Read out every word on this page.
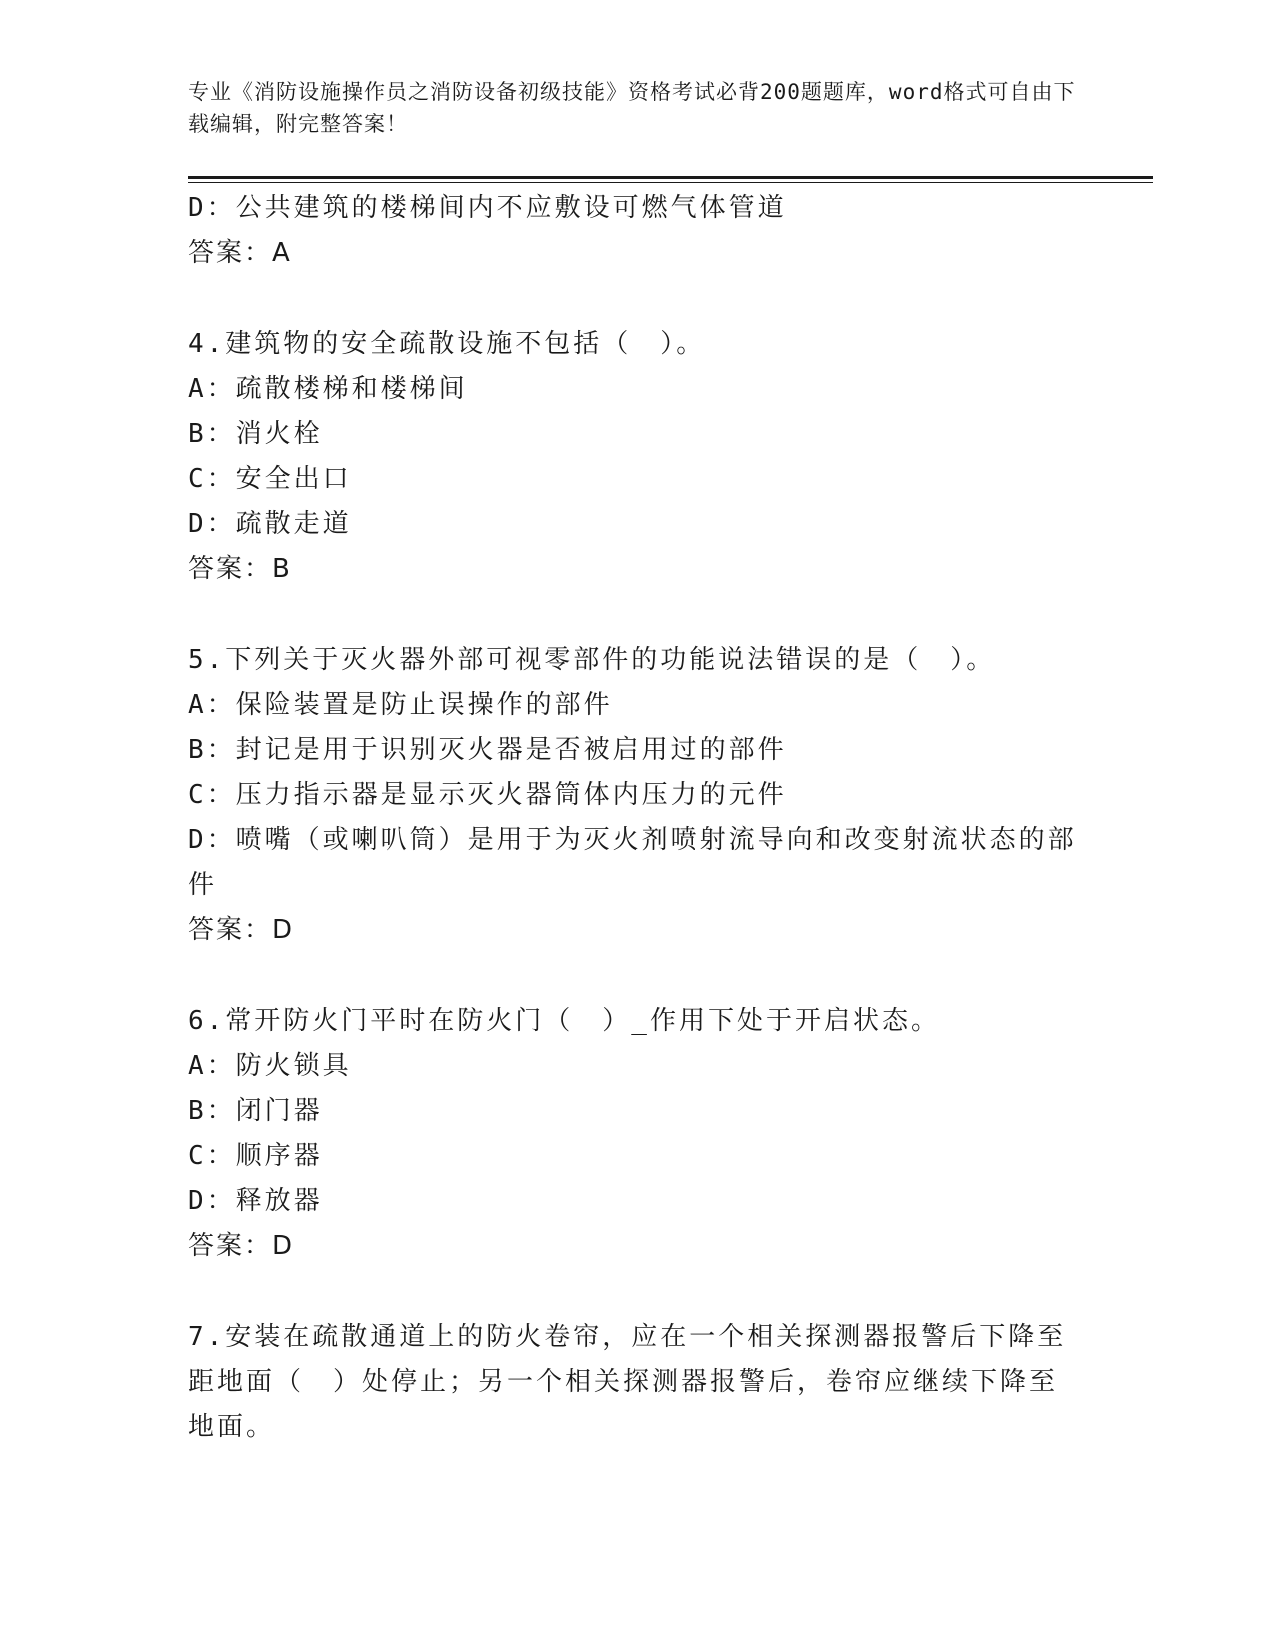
专业《消防设施操作员之消防设备初级技能》资格考试必背200题题库，word格式可自由下载编辑，附完整答案！
D：公共建筑的楼梯间内不应敷设可燃气体管道
答案：A
4.建筑物的安全疏散设施不包括（　）。
A：疏散楼梯和楼梯间
B：消火栓
C：安全出口
D：疏散走道
答案：B
5.下列关于灭火器外部可视零部件的功能说法错误的是（　）。
A：保险装置是防止误操作的部件
B：封记是用于识别灭火器是否被启用过的部件
C：压力指示器是显示灭火器筒体内压力的元件
D：喷嘴（或喇叭筒）是用于为灭火剂喷射流导向和改变射流状态的部件
答案：D
6.常开防火门平时在防火门（　）_作用下处于开启状态。
A：防火锁具
B：闭门器
C：顺序器
D：释放器
答案：D
7.安装在疏散通道上的防火卷帘，应在一个相关探测器报警后下降至距地面（　）处停止；另一个相关探测器报警后，卷帘应继续下降至地面。
